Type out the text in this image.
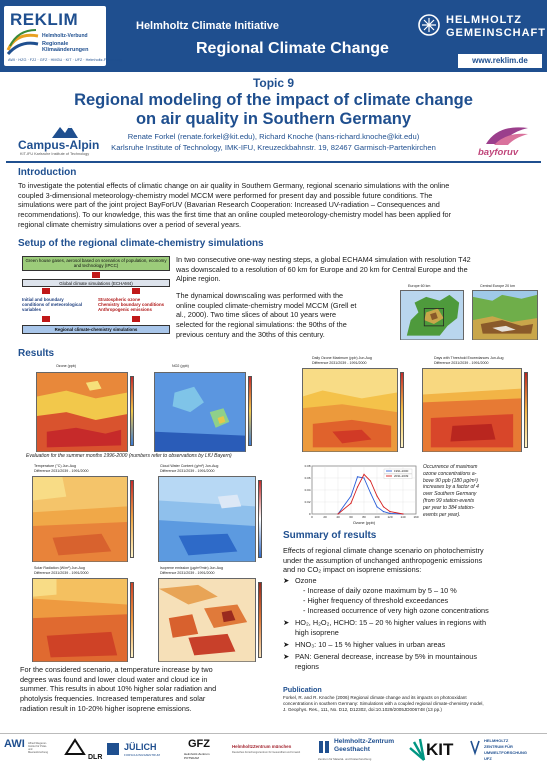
REKLIM
Helmholtz-Verbund
Regionale Klimaänderungen
AWI · HZG · FZJ · GFZ · HMGU · KIT · UFZ · Helmholtz-Forschung
Helmholtz Climate Initiative
Regional Climate Change
HELMHOLTZ
GEMEINSCHAFT
www.reklim.de
Topic 9
Regional modeling of the impact of climate change
on air quality in Southern Germany
Renate Forkel (renate.forkel@kit.edu), Richard Knoche (hans-richard.knoche@kit.edu)
Karlsruhe Institute of Technology, IMK-IFU, Kreuzeckbahnstr. 19, 82467 Garmisch-Partenkirchen
Campus-Alpin
KIT-IFU Karlsruhe Institute of Technology	bayforuv
Introduction
To investigate the potential effects of climatic change on air quality in Southern Germany, regional scenario simulations with the online
coupled 3-dimensional meteorology-chemistry model MCCM were performed for present day and possible future conditions. The
simulations were part of the joint project BayForUV (Bavarian Research Cooperation: Increased UV-radiation – Consequences and
recommendations). To our knowledge, this was the first time that an online coupled meteorology-chemistry model has been applied for
regional climate chemistry simulations over a period of several years.
Setup of the regional climate-chemistry simulations
Green house gases, aerosol based on scenarios of population, economy and technology (IPCC)
Global climate simulations (ECHAM4)
Initial and boundary conditions of meteorological variables
Stratospheric ozone
Chemistry boundary conditions
Anthropogenic emissions
Regional climate-chemistry simulations
In two consecutive one-way nesting steps, a global ECHAM4 simulation with resolution T42
was downscaled to a resolution of 60 km for Europe and 20 km for Central Europe and the
Alpine region.
The dynamical downscaling was performed with the
online coupled climate-chemistry model MCCM (Grell et
al., 2000). Two time slices of about 10 years were
selected for the regional simulations: the 90ths of the
previous century and the 30ths of this century.
Europe 60 km	Central Europe 20 km
Results
Ozone (ppb)	NO2 (ppb)
Evaluation for the summer months 1996-2000 (numbers refer to observations by LfU Bayern)
Daily Ozone Maximum (ppb) Jun-Aug
Difference 2031/2039 - 1991/2000
Days with Threshold Exceedances Jun-Aug
Difference 2031/2039 - 1991/2000
Temperature (°C) Jun-Aug
Difference 2031/2039 - 1991/2000
Cloud Water Content (g/m²) Jun-Aug
Difference 2031/2039 - 1991/2000
Solar Radiation (W/m²) Jun-Aug
Difference 2031/2039 - 1991/2000
Isoprene emission (µg/m²/min) Jun-Aug
Difference 2031/2039 - 1991/2000
For the considered scenario, a temperature increase by two
degrees was found and lower cloud water and cloud ice in
summer. This results in about 10% higher solar radiation and
photolysis frequencies. Increased temperatures and solar
radiation result in 10-20% higher isoprene emissions.
0	20	40	60	80	100	120	140	160
0
0.02
0.04
0.06
0.08
1991-2000
2031-2039
Ozone (ppb)
Occurrence of maximum
ozone concentrations a-
bove 90 ppb (180 µg/m³)
increases by a factor of 4
over Southern Germany
(from 99 station·events
per year to 384 station-
events per year).
Summary of results
Effects of regional climate change scenario on photochemistry
under the assumption of unchanged anthropogenic emissions
and no CO₂ impact on isoprene emissions:
➤ Ozone
- Increase of daily ozone maximum by 5 – 10 %
- Higher frequency of threshold exceedances
- Increased occurrence of very high ozone concentrations
➤ HO₂, H₂O₂, HCHO: 15 – 20 % higher values in regions with
high isoprene
➤ HNO₃: 10 – 15 % higher values in urban areas
➤ PAN: General decrease, increase by 5% in mountainous
regions
Publication
Forkel, R. and R. Knoche (2006) Regional climate change and its impacts on photooxidant
concentrations in southern Germany: Simulations with a coupled regional climate-chemistry model,
J. Geophys. Res., 111, No. D12, D12302, doi:10.1029/2005JD006748 (13 pp.)
AWI Alfred-Wegener-Institut für Polar- und Meeresforschung
DLR
JÜLICH
FORSCHUNGSZENTRUM
GFZ
Helmholtz-Zentrum POTSDAM
HelmholtzZentrum münchen
Deutsches Forschungszentrum für Gesundheit und Umwelt
Helmholtz-Zentrum
Geesthacht
Zentrum für Material- und Küstenforschung	KIT	HELMHOLTZ
ZENTRUM FÜR
UMWELTFORSCHUNG
UFZ
